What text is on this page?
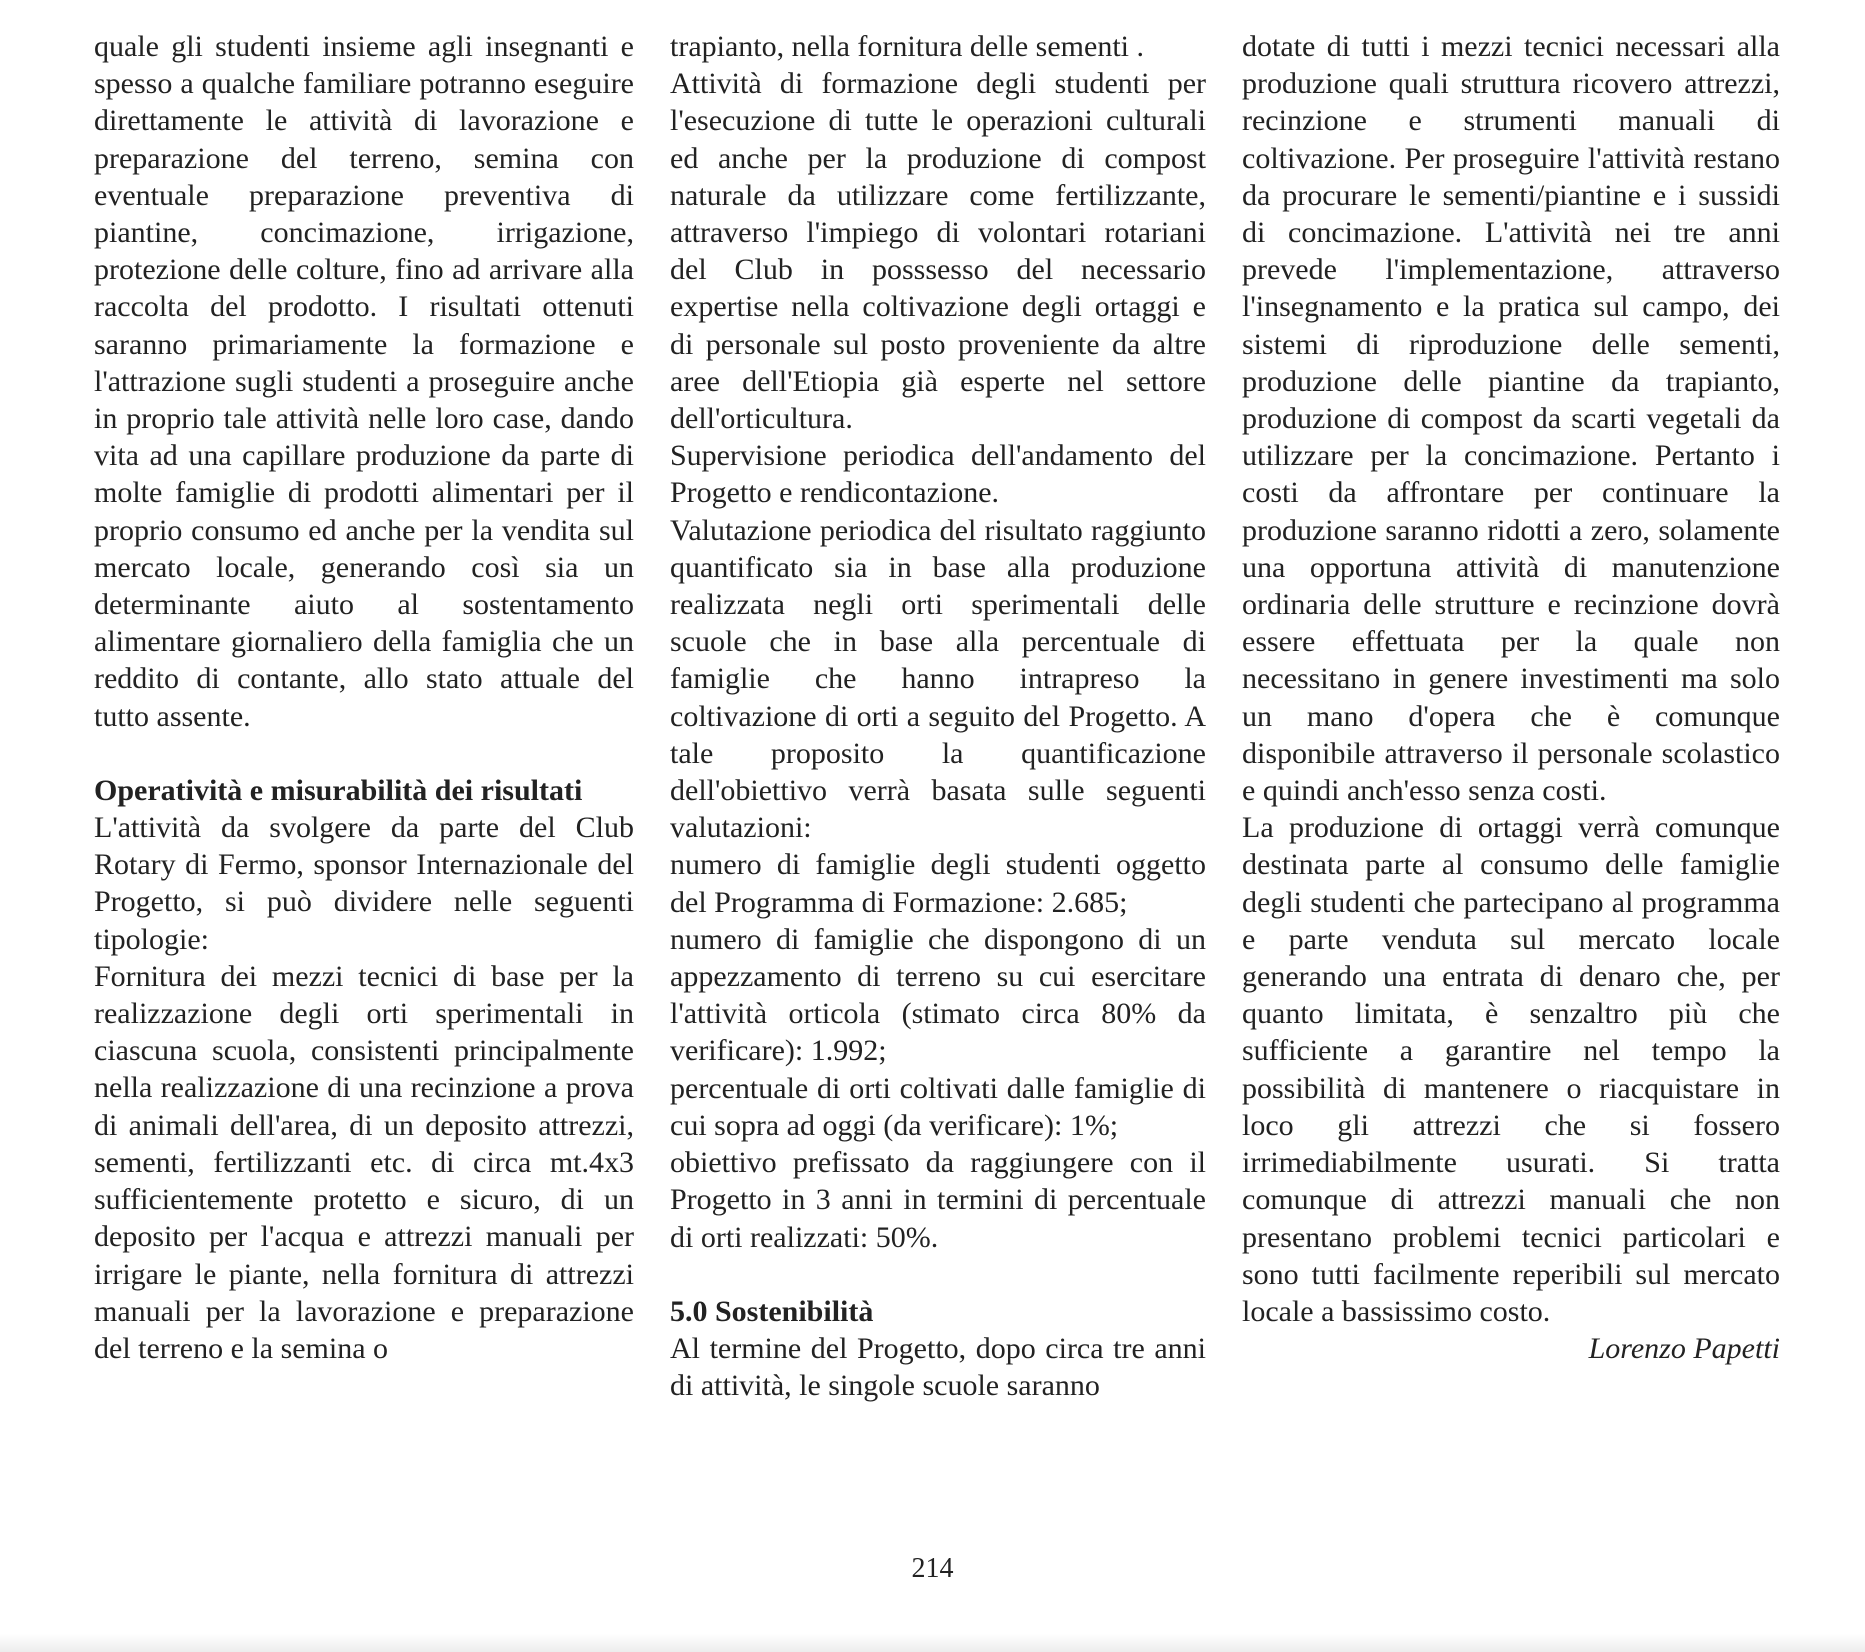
quale gli studenti insieme agli insegnanti e spesso a qualche familiare potranno eseguire direttamente le attività di lavorazione e preparazione del terreno, semina con eventuale preparazione preventiva di piantine, concimazione, irrigazione, protezione delle colture, fino ad arrivare alla raccolta del prodotto. I risultati ottenuti saranno primariamente la formazione e l'attrazione sugli studenti a proseguire anche in proprio tale attività nelle loro case, dando vita ad una capillare produzione da parte di molte famiglie di prodotti alimentari per il proprio consumo ed anche per la vendita sul mercato locale, generando così sia un determinante aiuto al sostentamento alimentare giornaliero della famiglia che un reddito di contante, allo stato attuale del tutto assente.

Operatività e misurabilità dei risultati

L'attività da svolgere da parte del Club Rotary di Fermo, sponsor Internazionale del Progetto, si può dividere nelle seguenti tipologie:

Fornitura dei mezzi tecnici di base per la realizzazione degli orti sperimentali in ciascuna scuola, consistenti principalmente nella realizzazione di una recinzione a prova di animali dell'area, di un deposito attrezzi, sementi, fertilizzanti etc. di circa mt.4x3 sufficientemente protetto e sicuro, di un deposito per l'acqua e attrezzi manuali per irrigare le piante, nella fornitura di attrezzi manuali per la lavorazione e preparazione del terreno e la semina o

trapianto, nella fornitura delle sementi .

Attività di formazione degli studenti per l'esecuzione di tutte le operazioni culturali ed anche per la produzione di compost naturale da utilizzare come fertilizzante, attraverso l'impiego di volontari rotariani del Club in posssesso del necessario expertise nella coltivazione degli ortaggi e di personale sul posto proveniente da altre aree dell'Etiopia già esperte nel settore dell'orticultura.

Supervisione periodica dell'andamento del Progetto e rendicontazione.

Valutazione periodica del risultato raggiunto quantificato sia in base alla produzione realizzata negli orti sperimentali delle scuole che in base alla percentuale di famiglie che hanno intrapreso la coltivazione di orti a seguito del Progetto. A tale proposito la quantificazione dell'obiettivo verrà basata sulle seguenti valutazioni:

numero di famiglie degli studenti oggetto del Programma di Formazione: 2.685;

numero di famiglie che dispongono di un appezzamento di terreno su cui esercitare l'attività orticola (stimato circa 80% da verificare): 1.992;

percentuale di orti coltivati dalle famiglie di cui sopra ad oggi (da verificare): 1%;

obiettivo prefissato da raggiungere con il Progetto in 3 anni in termini di percentuale di orti realizzati: 50%.

5.0 Sostenibilità

Al termine del Progetto, dopo circa tre anni di attività, le singole scuole saranno

dotate di tutti i mezzi tecnici necessari alla produzione quali struttura ricovero attrezzi, recinzione e strumenti manuali di coltivazione. Per proseguire l'attività restano da procurare le sementi/piantine e i sussidi di concimazione. L'attività nei tre anni prevede l'implementazione, attraverso l'insegnamento e la pratica sul campo, dei sistemi di riproduzione delle sementi, produzione delle piantine da trapianto, produzione di compost da scarti vegetali da utilizzare per la concimazione. Pertanto i costi da affrontare per continuare la produzione saranno ridotti a zero, solamente una opportuna attività di manutenzione ordinaria delle strutture e recinzione dovrà essere effettuata per la quale non necessitano in genere investimenti ma solo un mano d'opera che è comunque disponibile attraverso il personale scolastico e quindi anch'esso senza costi.

La produzione di ortaggi verrà comunque destinata parte al consumo delle famiglie degli studenti che partecipano al programma e parte venduta sul mercato locale generando una entrata di denaro che, per quanto limitata, è senzaltro più che sufficiente a garantire nel tempo la possibilità di mantenere o riacquistare in loco gli attrezzi che si fossero irrimediabilmente usurati. Si tratta comunque di attrezzi manuali che non presentano problemi tecnici particolari e sono tutti facilmente reperibili sul mercato locale a bassissimo costo.

Lorenzo Papetti

214
